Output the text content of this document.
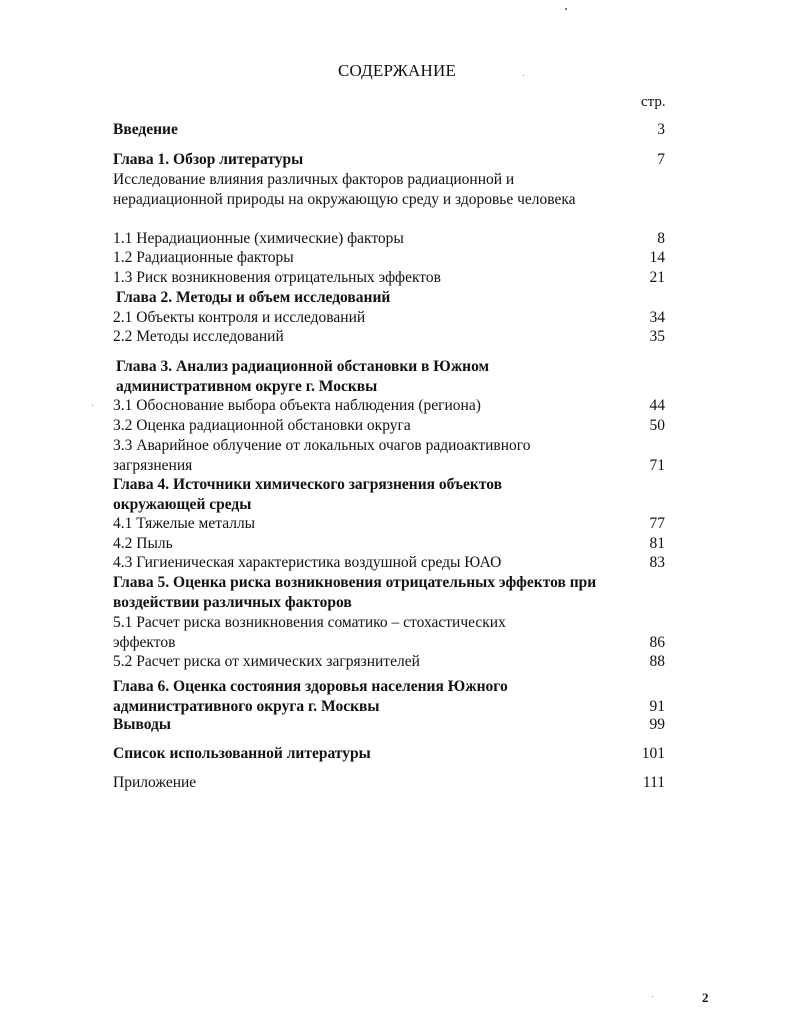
СОДЕРЖАНИЕ
стр.
Введение	3
Глава 1. Обзор литературы	7
Исследование влияния различных факторов радиационной и нерадиационной природы на окружающую среду и здоровье человека
1.1 Нерадиационные (химические) факторы	8
1.2 Радиационные факторы	14
1.3 Риск возникновения отрицательных эффектов	21
Глава 2. Методы и объем исследований
2.1 Объекты контроля и исследований	34
2.2 Методы исследований	35
Глава 3. Анализ радиационной обстановки в Южном административном округе г. Москвы
3.1 Обоснование выбора объекта наблюдения (региона)	44
3.2 Оценка радиационной обстановки округа	50
3.3 Аварийное облучение от локальных очагов радиоактивного загрязнения	71
Глава 4. Источники химического загрязнения объектов окружающей среды
4.1 Тяжелые металлы	77
4.2 Пыль	81
4.3 Гигиеническая характеристика воздушной среды ЮАО	83
Глава 5. Оценка риска возникновения отрицательных эффектов при воздействии различных факторов
5.1 Расчет риска возникновения соматико – стохастических эффектов	86
5.2 Расчет риска от химических загрязнителей	88
Глава 6. Оценка состояния здоровья населения Южного административного округа г. Москвы	91
Выводы	99
Список использованной литературы	101
Приложение	111
2
